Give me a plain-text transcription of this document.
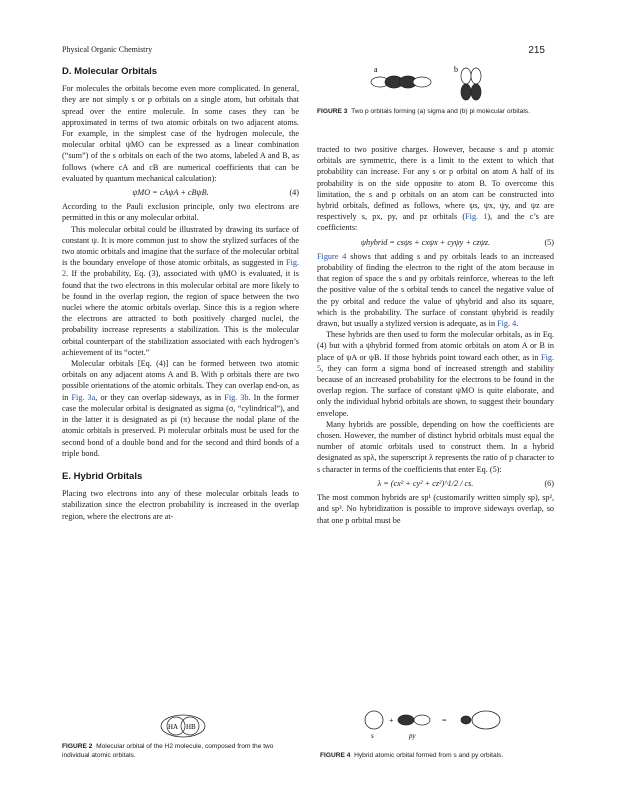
Physical Organic Chemistry	215
D. Molecular Orbitals

For molecules the orbitals become even more complicated. In general, they are not simply s or p orbitals on a single atom, but orbitals that spread over the entire molecule. In some cases they can be approximated in terms of two atomic orbitals on two adjacent atoms. For example, in the simplest case of the hydrogen molecule, the molecular orbital ψMO can be expressed as a linear combination (“sum”) of the s orbitals on each of the two atoms, labeled A and B, as follows (where cA and cB are numerical coefficients that can be evaluated by quantum mechanical calculation):

ψMO = cAψA + cBψB.	(4)

According to the Pauli exclusion principle, only two electrons are permitted in this or any molecular orbital.

This molecular orbital could be illustrated by drawing its surface of constant ψ. It is more common just to show the stylized surfaces of the two atomic orbitals and imagine that the surface of the molecular orbital is the boundary envelope of those atomic orbitals, as suggested in Fig. 2. If the probability, Eq. (3), associated with ψMO is evaluated, it is found that the two electrons in this molecular orbital are more likely to be found in the overlap region, the region of space between the two nuclei where the atomic orbitals overlap. Since this is a region where the electrons are attracted to both positively charged nuclei, the probability increase represents a stabilization. This is the molecular orbital counterpart of the stabilization associated with each hydrogen’s achievement of its “octet.”

Molecular orbitals [Eq. (4)] can be formed between two atomic orbitals on any adjacent atoms A and B. With p orbitals there are two possible orientations of the atomic orbitals. They can overlap end-on, as in Fig. 3a, or they can overlap sideways, as in Fig. 3b. In the former case the molecular orbital is designated as sigma (σ, “cylindrical”), and in the latter it is designated as pi (π) because the nodal plane of the atomic orbitals is preserved. Pi molecular orbitals must be used for the second bond of a double bond and for the second and third bonds of a triple bond.

E. Hybrid Orbitals

Placing two electrons into any of these molecular orbitals leads to stabilization since the electron probability is increased in the overlap region, where the electrons are at-

a	b
FIGURE 3 Two p orbitals forming (a) sigma and (b) pi molecular orbitals.

tracted to two positive charges. However, because s and p atomic orbitals are symmetric, there is a limit to the extent to which that probability can increase. For any s or p orbital on atom A half of its probability is on the side opposite to atom B. To overcome this limitation, the s and p orbitals on an atom can be constructed into hybrid orbitals, defined as follows, where ψs, ψx, ψy, and ψz are respectively s, px, py, and pz orbitals (Fig. 1), and the c’s are coefficients:

ψhybrid = csψs + cxψx + cyψy + czψz.	(5)

Figure 4 shows that adding s and py orbitals leads to an increased probability of finding the electron to the right of the atom because in that region of space the s and py orbitals reinforce, whereas to the left the positive value of the s orbital tends to cancel the negative value of the py orbital and reduce the value of ψhybrid and also its square, which is the probability. The surface of constant ψhybrid is readily drawn, but usually a stylized version is adequate, as in Fig. 4.

These hybrids are then used to form the molecular orbitals, as in Eq. (4) but with a ψhybrid formed from atomic orbitals on atom A or B in place of ψA or ψB. If those hybrids point toward each other, as in Fig. 5, they can form a sigma bond of increased strength and stability because of an increased probability for the electrons to be found in the overlap region. The surface of constant ψMO is quite elaborate, and only the individual hybrid orbitals are shown, to suggest their boundary envelope.

Many hybrids are possible, depending on how the coefficients are chosen. However, the number of distinct hybrid orbitals must equal the number of atomic orbitals used to construct them. In a hybrid designated as spλ, the superscript λ represents the ratio of p character to s character in terms of the coefficients that enter Eq. (5):

λ = (cx² + cy² + cz²)^1/2 / cs.	(6)

The most common hybrids are sp¹ (customarily written simply sp), sp², and sp³. No hybridization is possible to improve sideways overlap, so that one p orbital must be

HA HB
FIGURE 2 Molecular orbital of the H2 molecule, composed from the two individual atomic orbitals.
+	=
s	py
FIGURE 4 Hybrid atomic orbital formed from s and py orbitals.
